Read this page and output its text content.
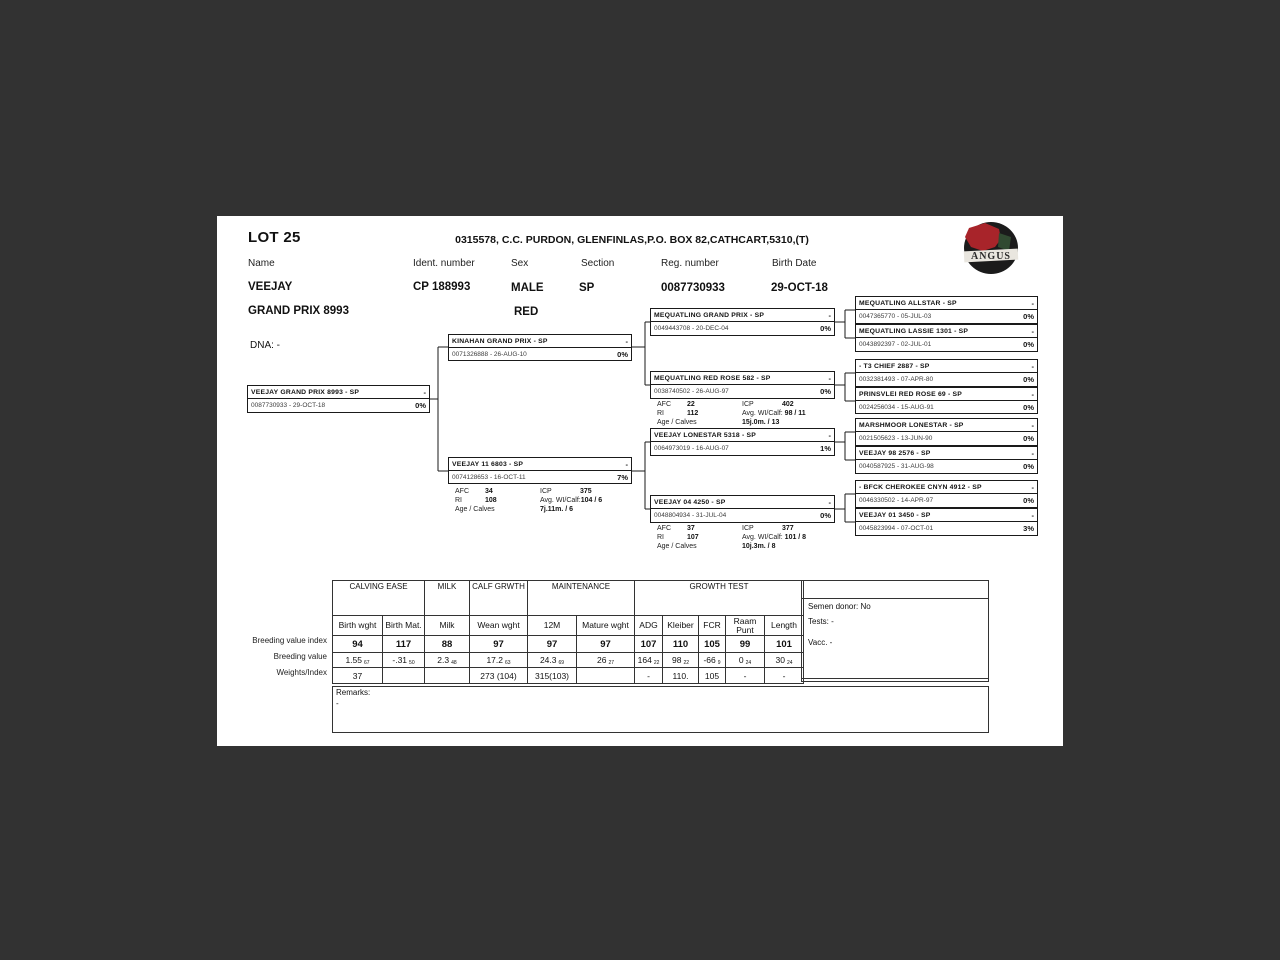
LOT 25	0315578, C.C. PURDON, GLENFINLAS,P.O. BOX 82,CATHCART,5310,(T)
Name	Ident. number	Sex	Section	Reg. number	Birth Date
VEEJAY	CP 188993	MALE	SP	0087730933	29-OCT-18
GRAND PRIX 8993	RED
DNA: -
ANGUS
VEEJAY GRAND PRIX 8993 - SP	-
0087730933 - 29-OCT-18	0%
KINAHAN GRAND PRIX - SP	-
0071326888 - 26-AUG-10	0%
VEEJAY 11 6803 - SP	-
0074128653 - 16-OCT-11	7%
MEQUATLING GRAND PRIX - SP	-
0049443708 - 20-DEC-04	0%
MEQUATLING RED ROSE 582 - SP	-
0038740502 - 26-AUG-97	0%
VEEJAY LONESTAR 5318 - SP	-
0064973019 - 16-AUG-07	1%
VEEJAY 04 4250 - SP	-
0048804934 - 31-JUL-04	0%
MEQUATLING ALLSTAR - SP	-
0047365770 - 05-JUL-03	0%
MEQUATLING LASSIE 1301 - SP	-
0043892397 - 02-JUL-01	0%
- T3 CHIEF 2887 - SP	-
0032381493 - 07-APR-80	0%
PRINSVLEI RED ROSE 69 - SP	-
0024256034 - 15-AUG-91	0%
MARSHMOOR LONESTAR - SP	-
0021505623 - 13-JUN-90	0%
VEEJAY 98 2576 - SP	-
0040587925 - 31-AUG-98	0%
- BFCK CHEROKEE CNYN 4912 - SP	-
0046330502 - 14-APR-97	0%
VEEJAY 01 3450 - SP	-
0045823994 - 07-OCT-01	3%
AFC 34
RI	108
Age / Calves
ICP	375
Avg. WI/Calf:104 / 6
7j.11m. / 6
AFC 22
RI	112
Age / Calves
ICP	402
Avg. WI/Calf: 98 / 11
15j.0m. / 13
AFC 37
RI	107
Age / Calves
ICP	377
Avg. WI/Calf: 101 / 8
10j.3m. / 8
Breeding value index
Breeding value
Weights/Index
CALVING EASE		MILK	CALF GRWTH	MAINTENANCE		GROWTH TEST				
Birth wght	Birth Mat.	Milk	Wean wght	12M	Mature wght	ADG	Kleiber	FCR	Raam Punt	Length
94	117	88	97	97	97	107	110	105	99	101
1.55 67	-.31 50	2.3 48	17.2 63	24.3 69	26 27	164 22	98 22	-66 9	0 24	30 24
37			273 (104)	315(103)		-	110.	105	-	-
Semen donor: No
Tests: -
Vacc. -
Remarks:
-
